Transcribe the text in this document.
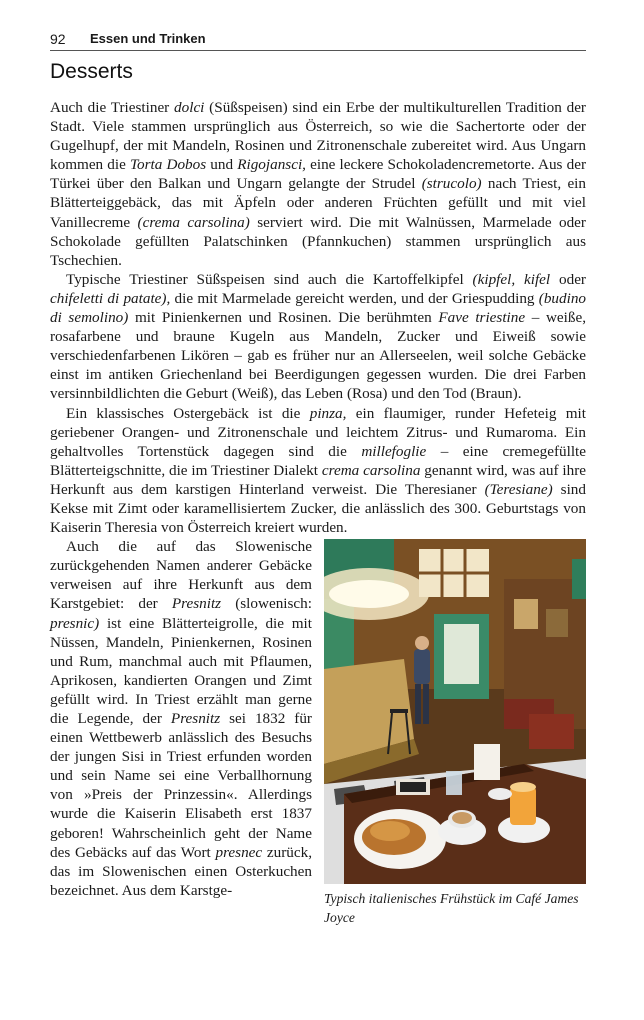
92 Essen und Trinken
Desserts

Auch die Triestiner dolci (Süßspeisen) sind ein Erbe der multikulturellen Tradition der Stadt. Viele stammen ursprünglich aus Österreich, so wie die Sachertorte oder der Gugelhupf, der mit Mandeln, Rosinen und Zitronenschale zubereitet wird. Aus Ungarn kommen die Torta Dobos und Rigojansci, eine leckere Schokoladencremetorte. Aus der Türkei über den Balkan und Ungarn gelangte der Strudel (strucolo) nach Triest, ein Blätterteiggebäck, das mit Äpfeln oder anderen Früchten gefüllt und mit viel Vanillecreme (crema carsolina) serviert wird. Die mit Walnüssen, Marmelade oder Schokolade gefüllten Palatschinken (Pfannkuchen) stammen ursprünglich aus Tschechien.

Typische Triestiner Süßspeisen sind auch die Kartoffelkipfel (kipfel, kifel oder chifeletti di patate), die mit Marmelade gereicht werden, und der Griespudding (budino di semolino) mit Pinienkernen und Rosinen. Die berühmten Fave triestine – weiße, rosafarbene und braune Kugeln aus Mandeln, Zucker und Eiweiß sowie verschiedenfarbenen Likören – gab es früher nur an Allerseelen, weil solche Gebäcke einst im antiken Griechenland bei Beerdigungen gegessen wurden. Die drei Farben versinnbildlichten die Geburt (Weiß), das Leben (Rosa) und den Tod (Braun).

Ein klassisches Ostergebäck ist die pinza, ein flaumiger, runder Hefeteig mit geriebener Orangen- und Zitronenschale und leichtem Zitrus- und Rumaroma. Ein gehaltvolles Tortenstück dagegen sind die millefoglie – eine cremegefüllte Blätterteigschnitte, die im Triestiner Dialekt crema carsolina genannt wird, was auf ihre Herkunft aus dem karstigen Hinterland verweist. Die Theresianer (Teresiane) sind Kekse mit Zimt oder karamellisiertem Zucker, die anlässlich des 300. Geburtstags von Kaiserin Theresia von Österreich kreiert wurden.

Typisch italienisches Frühstück im Café James Joyce
Auch die auf das Slowenische zurückgehenden Namen anderer Gebäcke verweisen auf ihre Herkunft aus dem Karstgebiet: der Presnitz (slowenisch: presnic) ist eine Blätterteigrolle, die mit Nüssen, Mandeln, Pinienkernen, Rosinen und Rum, manchmal auch mit Pflaumen, Aprikosen, kandierten Orangen und Zimt gefüllt wird. In Triest erzählt man gerne die Legende, der Presnitz sei 1832 für einen Wettbewerb anlässlich des Besuchs der jungen Sisi in Triest erfunden worden und sein Name sei eine Verballhornung von »Preis der Prinzessin«. Allerdings wurde die Kaiserin Elisabeth erst 1837 geboren! Wahrscheinlich geht der Name des Gebäcks auf das Wort presnec zurück, das im Slowenischen einen Osterkuchen bezeichnet. Aus dem Karstge-
